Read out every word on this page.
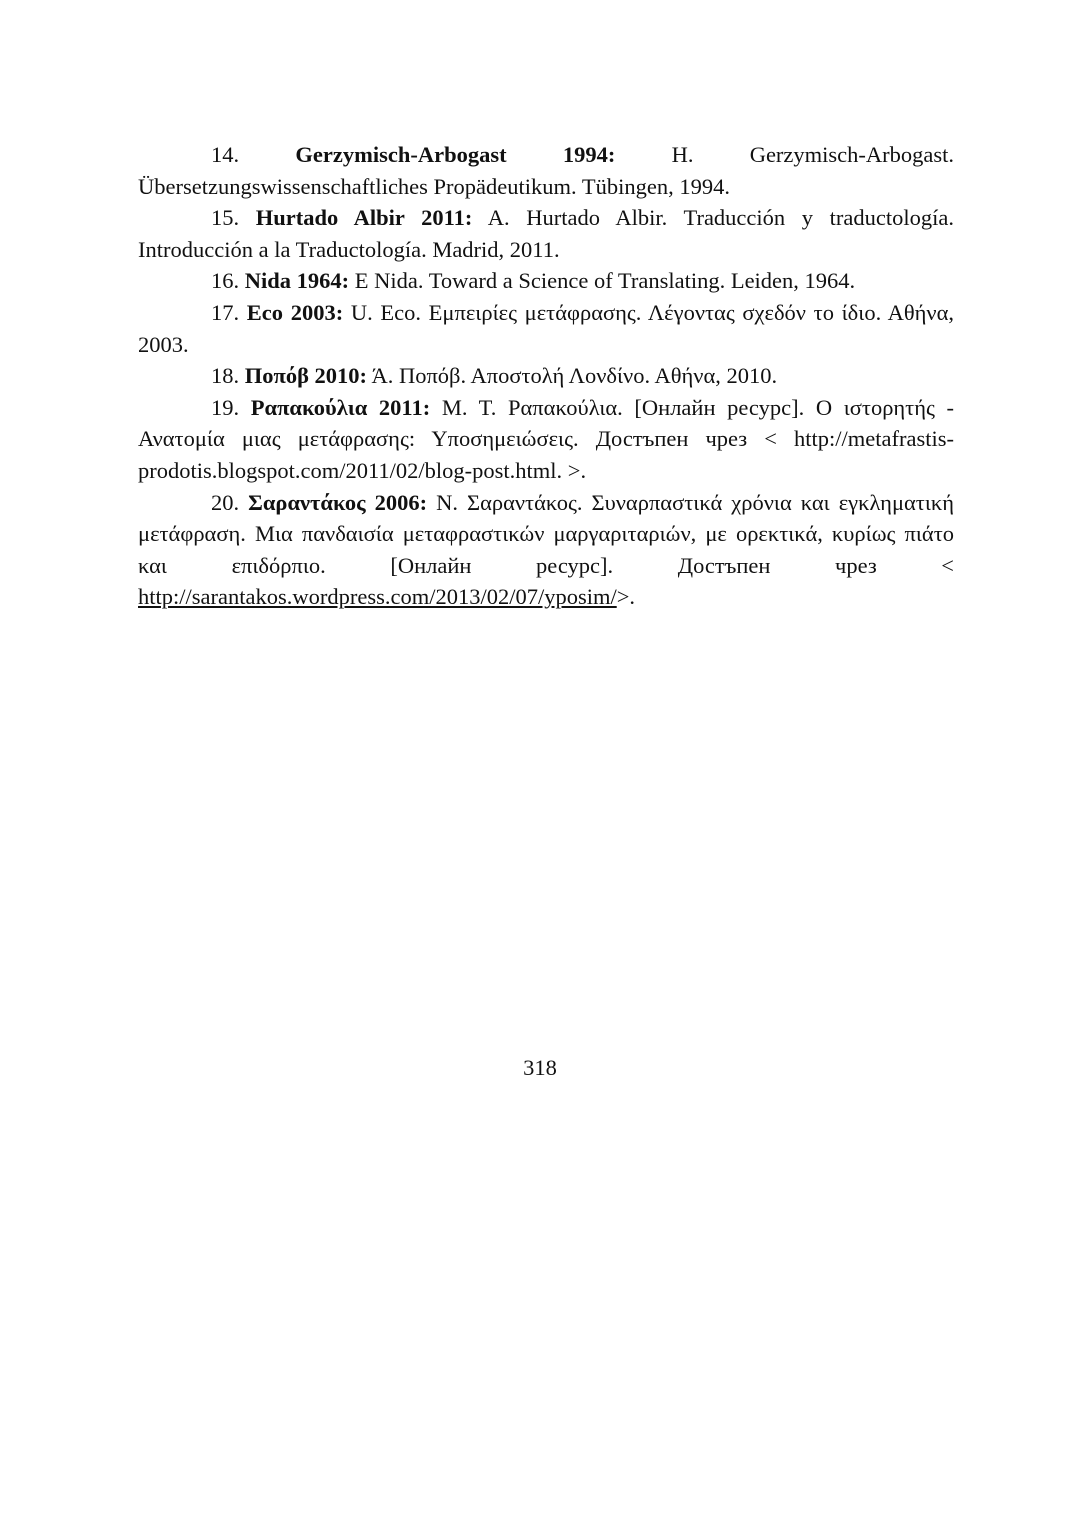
14.	Gerzymisch-Arbogast 1994:	H. Gerzymisch-Arbogast. Übersetzungswissenschaftliches Propädeutikum. Tübingen, 1994.

15. Hurtado Albir 2011: A. Hurtado Albir. Traducción y traductología. Introducción a la Traductología. Madrid, 2011.

16. Nida 1964: E Nida. Toward a Science of Translating. Leiden, 1964.

17. Eco 2003: U. Eco. Εμπειρίες μετάφρασης. Λέγοντας σχεδόν το ίδιο. Αθήνα, 2003.

18. Ποπόβ 2010: Ά. Ποπόβ. Αποστολή Λονδίνο. Αθήνα, 2010.

19. Ραπακούλια 2011: M. T. Ραπακούλια. [Онлайн ресурс]. Ο ιστορητής - Ανατομία μιας μετάφρασης: Υποσημειώσεις. Достъпен чрез < http://metafrastis-prodotis.blogspot.com/2011/02/blog-post.html. >.

20. Σαραντάκος 2006: N. Σαραντάκος. Συναρπαστικά χρόνια και εγκληματική μετάφραση. Μια πανδαισία μεταφραστικών μαργαριταριών, με ορεκτικά, κυρίως πιάτο και επιδόρπιο. [Онлайн ресурс]. Достъпен чрез < http://sarantakos.wordpress.com/2013/02/07/yposim/>.

318
